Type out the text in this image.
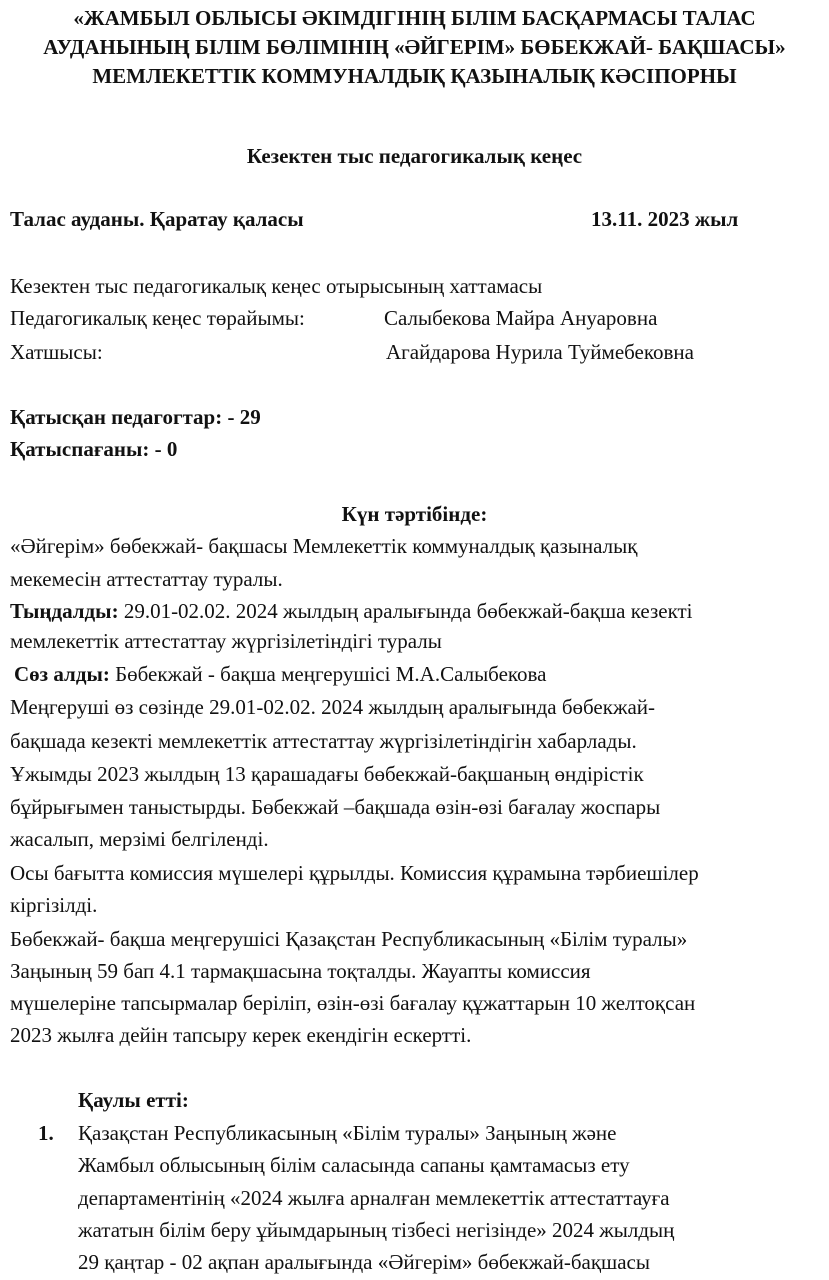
«ЖАМБЫЛ ОБЛЫСЫ ӘКІМДІГІНІҢ БІЛІМ БАСҚАРМАСЫ ТАЛАС
АУДАНЫНЫҢ БІЛІМ БӨЛІМІНІҢ «ӘЙГЕРІМ» БӨБЕКЖАЙ- БАҚШАСЫ»
МЕМЛЕКЕТТІК КОММУНАЛДЫҚ ҚАЗЫНАЛЫҚ КӘСІПОРНЫ
Кезектен тыс педагогикалық кеңес
Талас ауданы. Қаратау қаласы	13.11. 2023 жыл
Кезектен тыс педагогикалық кеңес отырысының хаттамасы
Педагогикалық кеңес төрайымы:	Салыбекова Майра Ануаровна
Хатшысы:	Агайдарова Нурила Туймебековна
Қатысқан педагогтар: - 29
Қатыспағаны: - 0
Күн тәртібінде:
«Әйгерім» бөбекжай- бақшасы Мемлекеттік коммуналдық қазыналық
мекемесін аттестаттау туралы.
Тыңдалды: 29.01-02.02. 2024 жылдың аралығында бөбекжай-бақша кезекті
мемлекеттік аттестаттау жүргізілетіндігі туралы
Сөз алды: Бөбекжай - бақша меңгерушісі М.А.Салыбекова
Меңгеруші өз сөзінде 29.01-02.02. 2024 жылдың аралығында бөбекжай-
бақшада кезекті мемлекеттік аттестаттау жүргізілетіндігін хабарлады.
Ұжымды 2023 жылдың 13 қарашадағы бөбекжай-бақшаның өндірістік
бұйрығымен таныстырды. Бөбекжай –бақшада өзін-өзі бағалау жоспары
жасалып, мерзімі белгіленді.
Осы бағытта комиссия мүшелері құрылды. Комиссия құрамына тәрбиешілер
кіргізілді.
Бөбекжай- бақша меңгерушісі Қазақстан Республикасының «Білім туралы»
Заңының 59 бап 4.1 тармақшасына тоқталды. Жауапты комиссия
мүшелеріне тапсырмалар беріліп, өзін-өзі бағалау құжаттарын 10 желтоқсан
2023 жылға дейін тапсыру керек екендігін ескертті.
Қаулы етті:
1. Қазақстан Республикасының «Білім туралы» Заңының және
Жамбыл облысының білім саласында сапаны қамтамасыз ету
департаментінің «2024 жылға арналған мемлекеттік аттестаттауға
жататын білім беру ұйымдарының тізбесі негізінде» 2024 жылдың
29 қаңтар - 02 ақпан аралығында «Әйгерім» бөбекжай-бақшасы
